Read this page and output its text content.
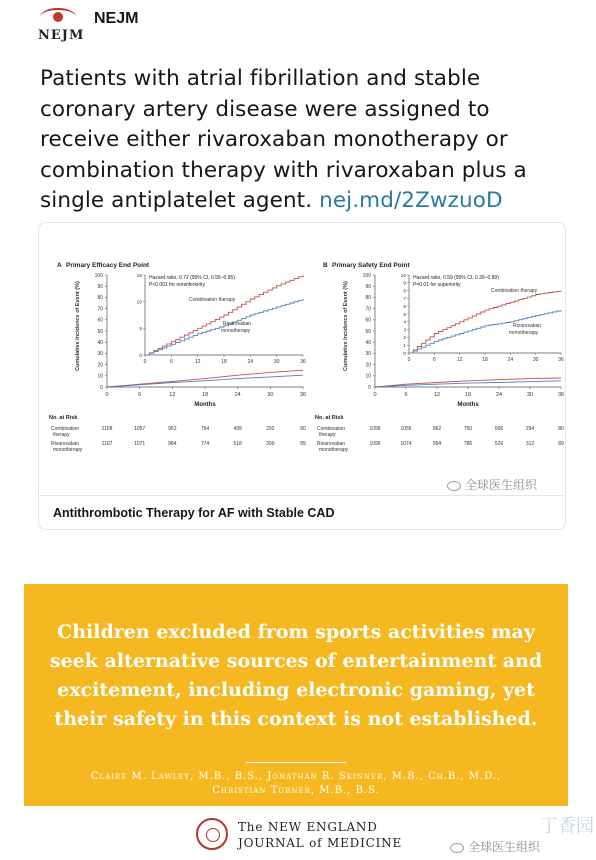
NEJM
NEJM
Patients with atrial fibrillation and stable coronary artery disease were assigned to receive either rivaroxaban monotherapy or combination therapy with rivaroxaban plus a single antiplatelet agent. nej.md/2ZwzuoD
A Primary Efficacy End Point
Cumulative Incidence of Event (%)
0
10
20
30
40
50
60
70
80
90
100
0	6	12	18	24	30	36
Months
0
5
10
15
0	6	12	18	24	30	36
Hazard ratio, 0.72 (95% CI, 0.55–0.95)
P<0.001 for noninferiority
Combination therapy
Rivaroxaban
monotherapy
No. at Risk
Combination
therapy
1108	1057	962	754	499	292	80
Rivaroxaban
monotherapy
1107	1071	984	774	518	309	89
B Primary Safety End Point
Cumulative Incidence of Event (%)
0
10
20
30
40
50
60
70
80
90
100
0	6	12	18	24	30	36
Months
0
1
2
3
4
5
6
7
8
9
10
0	6	12	18	24	30	36
Hazard ratio, 0.59 (95% CI, 0.39–0.89)
P=0.01 for superiority
Combination therapy
Rivaroxaban
monotherapy
No. at Risk
Combination
therapy
1099	1055	962	750	506	294	80
Rivaroxaban
monotherapy
1099	1074	994	786	526	312	89
Antithrombotic Therapy for AF with Stable CAD
全球医生组织
Children excluded from sports activities may seek alternative sources of entertainment and excitement, including electronic gaming, yet their safety in this context is not established.
Claire M. Lawley, M.B., B.S., Jonathan R. Skinner, M.B., Ch.B., M.D.,
Christian Turner, M.B., B.S.
The NEW ENGLAND
JOURNAL of MEDICINE	全球医生组织
丁香园
